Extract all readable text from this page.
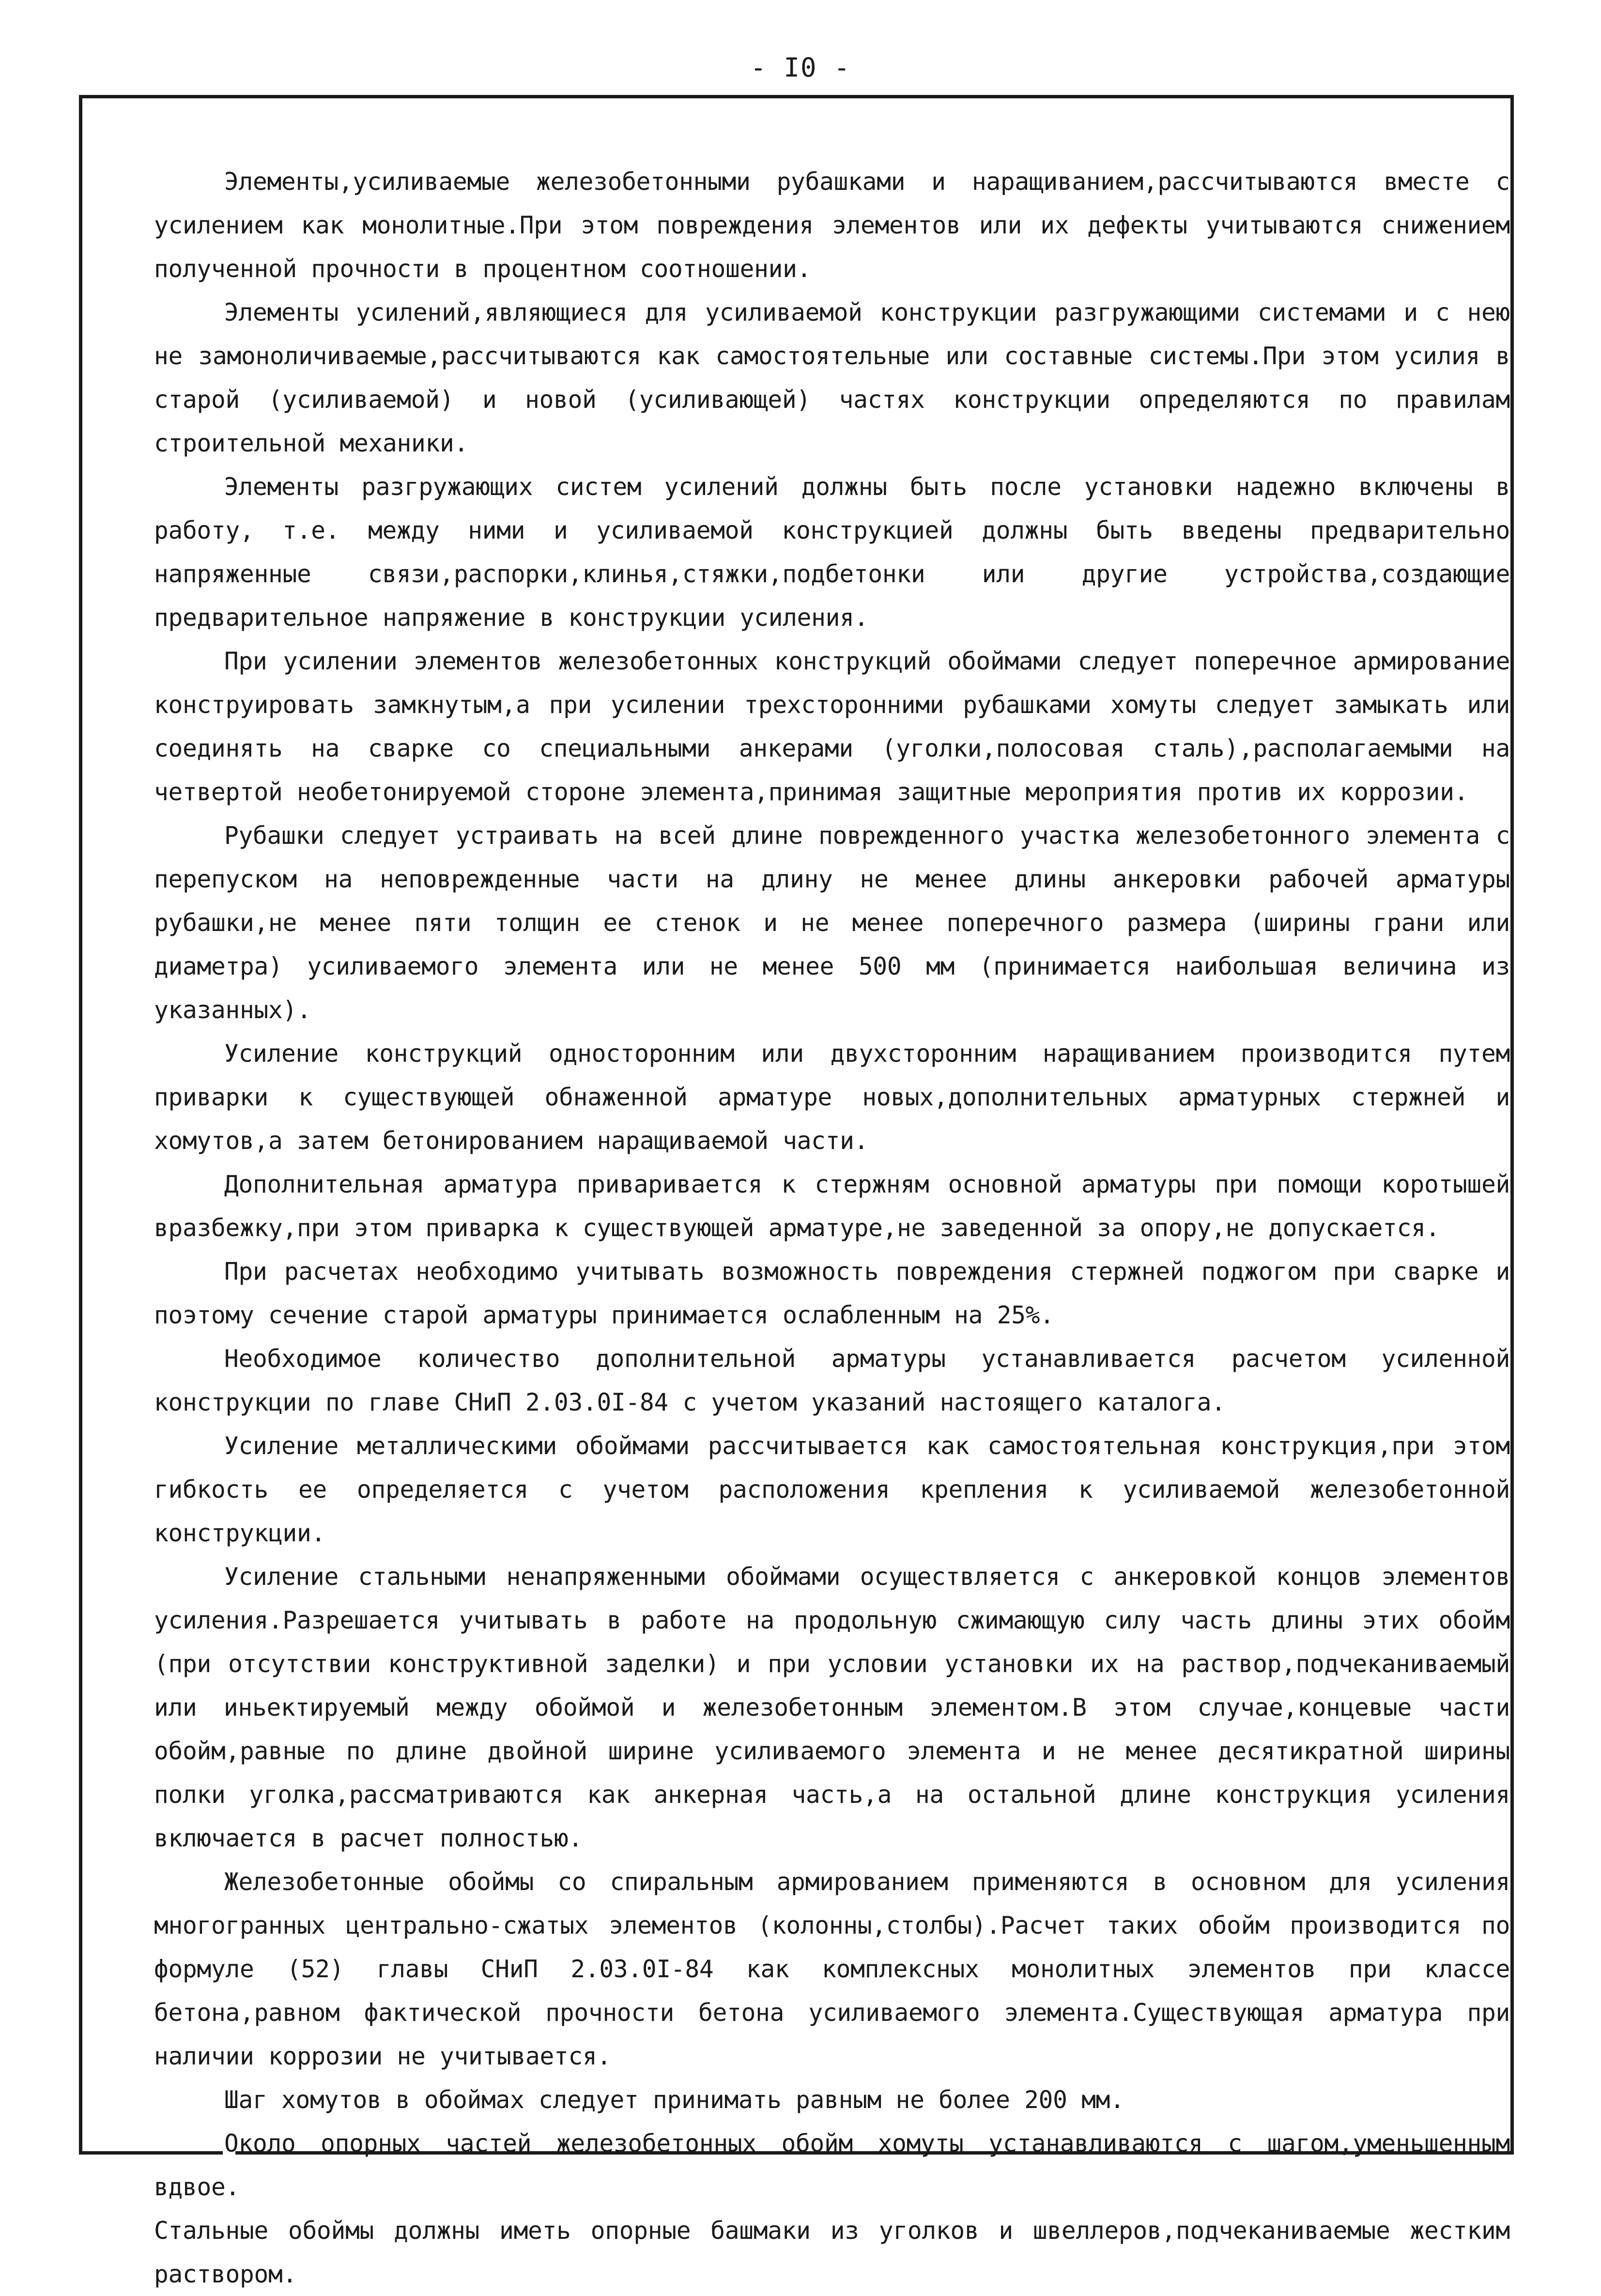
- I0 -

Элементы,усиливаемые железобетонными рубашками и наращиванием,рассчитываются вместе с усилением как монолитные.При этом повреждения элементов или их дефекты учитываются снижением полученной прочности в процентном соотношении.

Элементы усилений,являющиеся для усиливаемой конструкции разгружающими системами и с нею не замоноличиваемые,рассчитываются как самостоятельные или составные системы.При этом усилия в старой (усиливаемой) и новой (усиливающей) частях конструкции определяются по правилам строительной механики.

Элементы разгружающих систем усилений должны быть после установки надежно включены в работу, т.е. между ними и усиливаемой конструкцией должны быть введены предварительно напряженные связи,распорки,клинья,стяжки,подбетонки или другие устройства,создающие предварительное напряжение в конструкции усиления.

При усилении элементов железобетонных конструкций обоймами следует поперечное армирование конструировать замкнутым,а при усилении трехсторонними рубашками хомуты следует замыкать или соединять на сварке со специальными анкерами (уголки,полосовая сталь),располагаемыми на четвертой необетонируемой стороне элемента,принимая защитные мероприятия против их коррозии.

Рубашки следует устраивать на всей длине поврежденного участка железобетонного элемента с перепуском на неповрежденные части на длину не менее длины анкеровки рабочей арматуры рубашки,не менее пяти толщин ее стенок и не менее поперечного размера (ширины грани или диаметра) усиливаемого элемента или не менее 500 мм (принимается наибольшая величина из указанных).

Усиление конструкций односторонним или двухсторонним наращиванием производится путем приварки к существующей обнаженной арматуре новых,дополнительных арматурных стержней и хомутов,а затем бетонированием наращиваемой части.

Дополнительная арматура приваривается к стержням основной арматуры при помощи коротышей вразбежку,при этом приварка к существующей арматуре,не заведенной за опору,не допускается.

При расчетах необходимо учитывать возможность повреждения стержней поджогом при сварке и поэтому сечение старой арматуры принимается ослабленным на 25%.

Необходимое количество дополнительной арматуры устанавливается расчетом усиленной конструкции по главе СНиП 2.03.0I-84 с учетом указаний настоящего каталога.

Усиление металлическими обоймами рассчитывается как самостоятельная конструкция,при этом гибкость ее определяется с учетом расположения крепления к усиливаемой железобетонной конструкции.

Усиление стальными ненапряженными обоймами осуществляется с анкеровкой концов элементов усиления.Разрешается учитывать в работе на продольную сжимающую силу часть длины этих обойм (при отсутствии конструктивной заделки) и при условии установки их на раствор,подчеканиваемый или иньектируемый между обоймой и железобетонным элементом.В этом случае,концевые части обойм,равные по длине двойной ширине усиливаемого элемента и не менее десятикратной ширины полки уголка,рассматриваются как анкерная часть,а на остальной длине конструкция усиления включается в расчет полностью.

Железобетонные обоймы со спиральным армированием применяются в основном для усиления многогранных центрально-сжатых элементов (колонны,столбы).Расчет таких обойм производится по формуле (52) главы СНиП 2.03.0I-84 как комплексных монолитных элементов при классе бетона,равном фактической прочности бетона усиливаемого элемента.Существующая арматура при наличии коррозии не учитывается.

Шаг хомутов в обоймах следует принимать равным не более 200 мм.

Около опорных частей железобетонных обойм хомуты устанавливаются с шагом,уменьшенным вдвое.

Стальные обоймы должны иметь опорные башмаки из уголков и швеллеров,подчеканиваемые жестким раствором.
